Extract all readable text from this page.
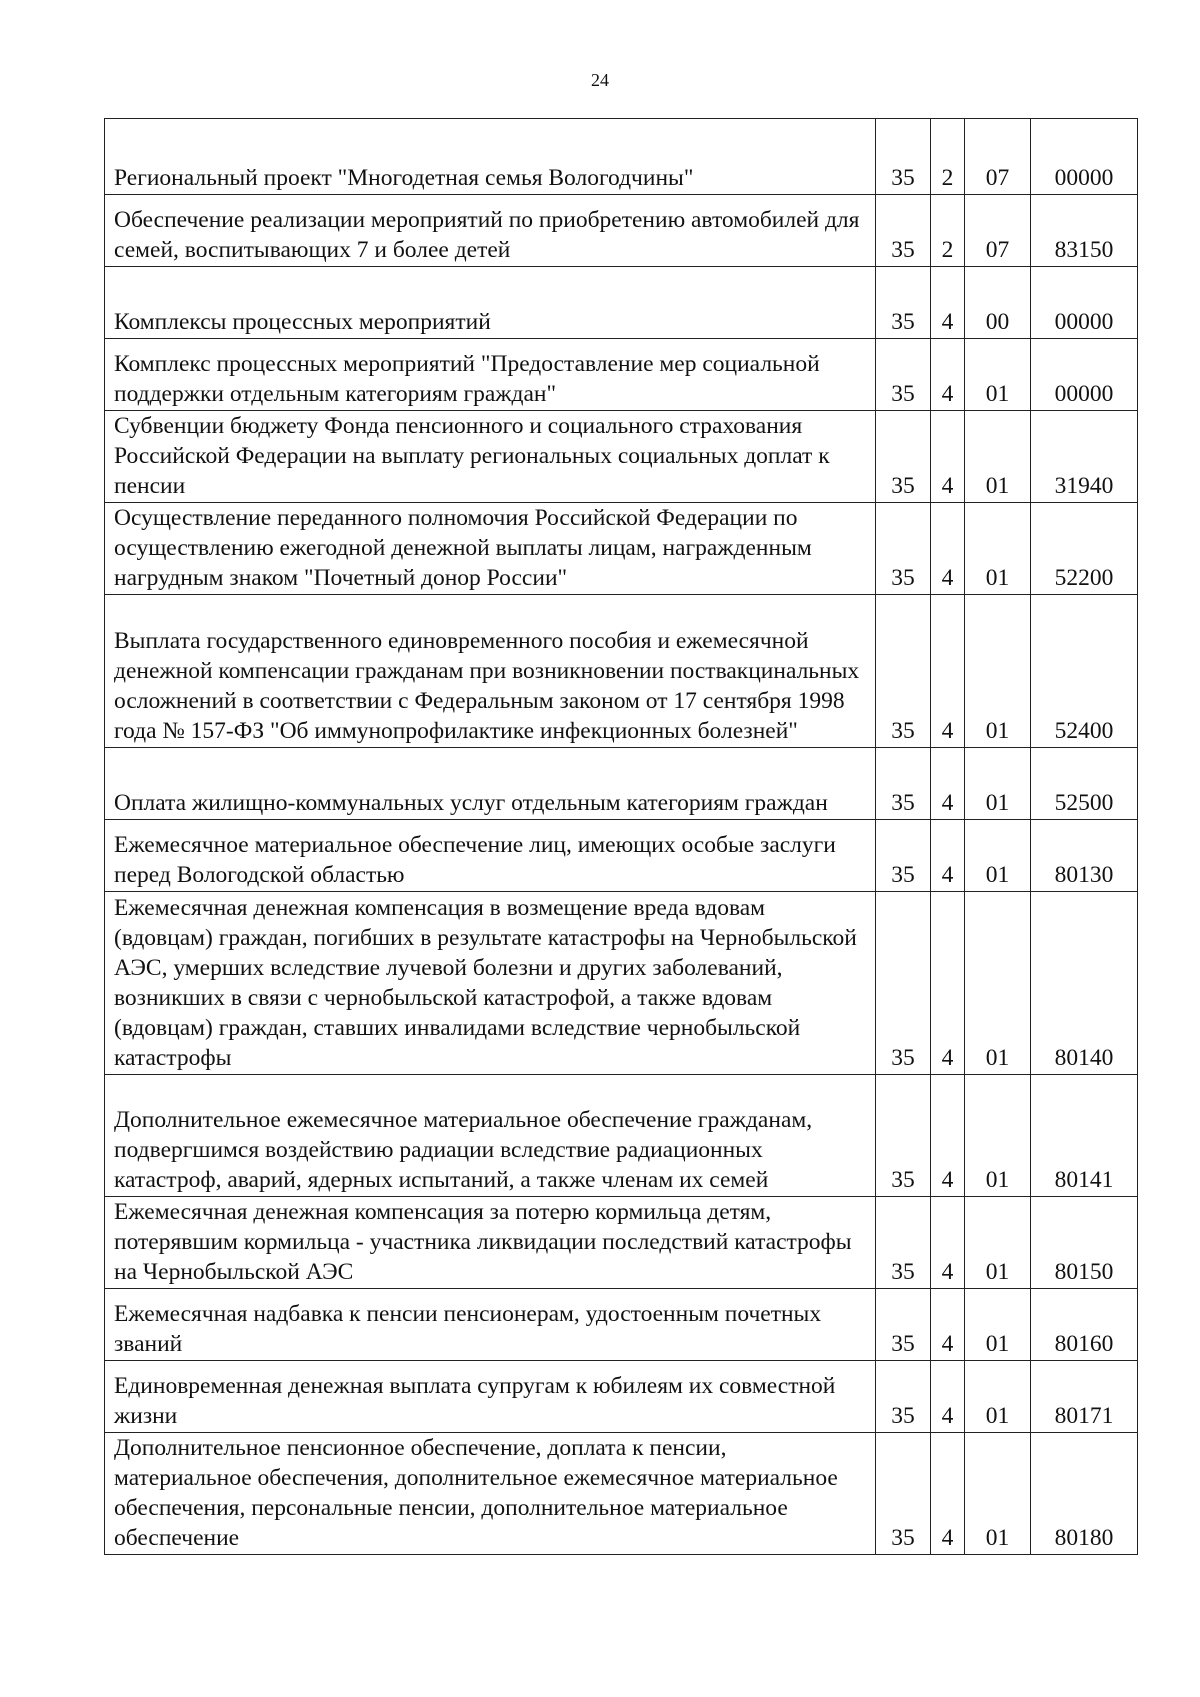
24
Региональный проект "Многодетная семья Вологодчины"	35	2	07	00000
Обеспечение реализации мероприятий по приобретению автомобилей для семей, воспитывающих 7 и более детей	35	2	07	83150
Комплексы процессных мероприятий	35	4	00	00000
Комплекс процессных мероприятий "Предоставление мер социальной поддержки отдельным категориям граждан"	35	4	01	00000
Субвенции бюджету Фонда пенсионного и социального страхования Российской Федерации на выплату региональных социальных доплат к пенсии	35	4	01	31940
Осуществление переданного полномочия Российской Федерации по осуществлению ежегодной денежной выплаты лицам, награжденным нагрудным знаком "Почетный донор России"	35	4	01	52200
Выплата государственного единовременного пособия и ежемесячной денежной компенсации гражданам при возникновении поствакцинальных осложнений в соответствии с Федеральным законом от 17 сентября 1998 года № 157-ФЗ "Об иммунопрофилактике инфекционных болезней"	35	4	01	52400
Оплата жилищно-коммунальных услуг отдельным категориям граждан	35	4	01	52500
Ежемесячное материальное обеспечение лиц, имеющих особые заслуги перед Вологодской областью	35	4	01	80130
Ежемесячная денежная компенсация в возмещение вреда вдовам (вдовцам) граждан, погибших в результате катастрофы на Чернобыльской АЭС, умерших вследствие лучевой болезни и других заболеваний, возникших в связи с чернобыльской катастрофой, а также вдовам (вдовцам) граждан, ставших инвалидами вследствие чернобыльской катастрофы	35	4	01	80140
Дополнительное ежемесячное материальное обеспечение гражданам, подвергшимся воздействию радиации вследствие радиационных катастроф, аварий, ядерных испытаний, а также членам их семей	35	4	01	80141
Ежемесячная денежная компенсация за потерю кормильца детям, потерявшим кормильца - участника ликвидации последствий катастрофы на Чернобыльской АЭС	35	4	01	80150
Ежемесячная надбавка к пенсии пенсионерам, удостоенным почетных званий	35	4	01	80160
Единовременная денежная выплата супругам к юбилеям их совместной жизни	35	4	01	80171
Дополнительное пенсионное обеспечение, доплата к пенсии, материальное обеспечения, дополнительное ежемесячное материальное обеспечения, персональные пенсии, дополнительное материальное обеспечение	35	4	01	80180
